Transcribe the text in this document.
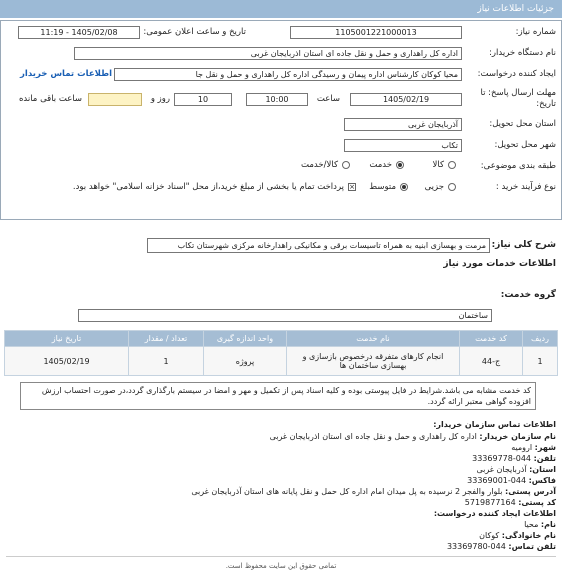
جزئیات اطلاعات نیاز
شماره نیاز:
1105001221000013
تاریخ و ساعت اعلان عمومی:
1405/02/08 - 11:19
نام دستگاه خریدار:
اداره کل راهداری و حمل و نقل جاده ای استان اذربایجان غربی
ایجاد کننده درخواست:
محیا کوکان کارشناس اداره پیمان و رسیدگی اداره کل راهداری و حمل و نقل جا
اطلاعات تماس خریدار
مهلت ارسال پاسخ: تا
تاریخ:
1405/02/19
ساعت
10:00
10
روز و
ساعت باقی مانده
استان محل تحویل:
آذربایجان غربی
شهر محل تحویل:
تکاب
طبقه بندی موضوعی:
کالا
خدمت
کالا/خدمت
نوع فرآیند خرید :
جزیی
متوسط
×
پرداخت تمام یا بخشی از مبلغ خرید،از محل "اسناد خزانه اسلامی" خواهد بود.
شرح کلی نیاز:
مرمت و بهسازی ابنیه به همراه تاسیسات برقی و مکانیکی راهدارخانه مرکزی شهرستان تکاب
اطلاعات خدمات مورد نیاز
گروه خدمت:
ساختمان
ردیف	کد خدمت	نام خدمت	واحد اندازه گیری	تعداد / مقدار	تاریخ نیاز
1	ج-44	انجام کارهای متفرقه درخصوص بازسازی و بهسازی ساختمان ها	پروژه	1	1405/02/19
کد خدمت مشابه می باشد.شرایط در فایل پیوستی بوده و کلیه اسناد پس از تکمیل و مهر و امضا در سیستم بارگذاری گردد،در صورت احتساب ارزش افزوده گواهی معتبر ارائه گردد.
اطلاعات تماس سازمان خریدار:
نام سازمان خریدار: اداره کل راهداری و حمل و نقل جاده ای استان اذربایجان غربی
شهر: ارومیه
تلفن: 044-33369778
استان: آذربایجان غربی
فاکس: 044-33369001
آدرس پستی: بلوار والفجر 2 نرسیده به پل میدان امام اداره کل حمل و نقل پایانه های استان آذربایجان غربی
کد پستی: 5719877164
اطلاعات ایجاد کننده درخواست:
نام: محیا
نام خانوادگی: کوکان
تلفن تماس: 044-33369780
تمامی حقوق این سایت محفوظ است.
